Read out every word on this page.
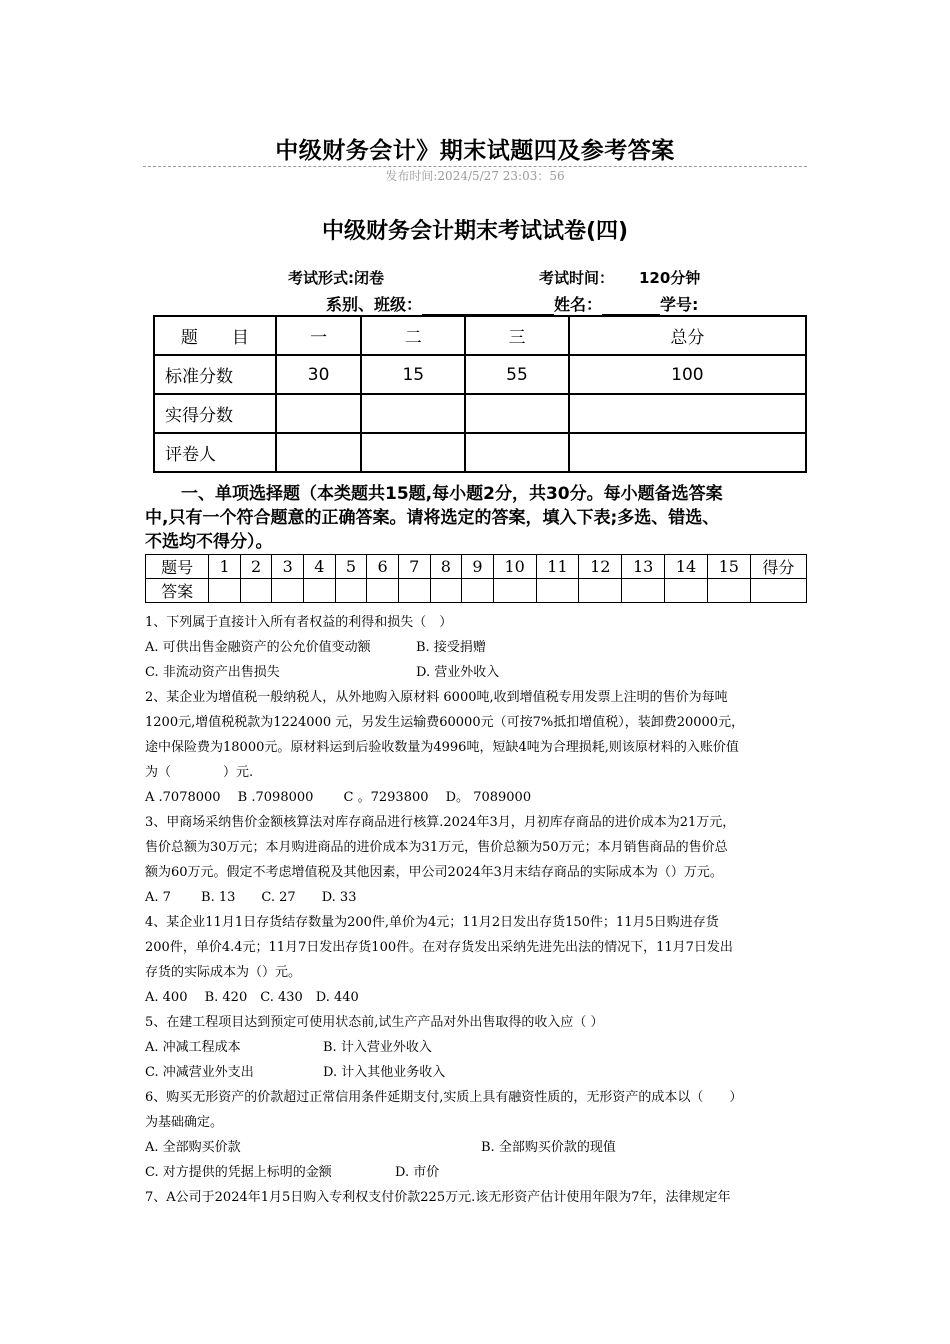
中级财务会计》期末试题四及参考答案
发布时间:2024/5/27 23:03：56
中级财务会计期末考试试卷(四)
考试形式:闭卷	考试时间： 120分钟
系别、班级：	姓名：	学号:
题　　目	一	二	三	总分
标准分数	30	15	55	100
实得分数				
评卷人				
一、单项选择题（本类题共15题,每小题2分，共30分。每小题备选答案
中,只有一个符合题意的正确答案。请将选定的答案，填入下表;多选、错选、
不选均不得分）。
题号	1	2	3	4	5	6	7	8	9	10	11	12	13	14	15	得分
答案																
1、下列属于直接计入所有者权益的利得和损失（　）
A. 可供出售金融资产的公允价值变动额	B. 接受捐赠
C. 非流动资产出售损失	D. 营业外收入
2、某企业为增值税一般纳税人，从外地购入原材料 6000吨,收到增值税专用发票上注明的售价为每吨
1200元,增值税税款为1224000 元，另发生运输费60000元（可按7%抵扣增值税），装卸费20000元，
途中保险费为18000元。原材料运到后验收数量为4996吨，短缺4吨为合理损耗,则该原材料的入账价值
为（　　　　）元.
A .7078000　 B .7098000　　 C 。7293800　 D。 7089000
3、甲商场采纳售价金额核算法对库存商品进行核算.2024年3月，月初库存商品的进价成本为21万元，
售价总额为30万元；本月购进商品的进价成本为31万元，售价总额为50万元；本月销售商品的售价总
额为60万元。假定不考虑增值税及其他因素，甲公司2024年3月末结存商品的实际成本为（）万元。
A. 7　　 B. 13　　C. 27　　D. 33
4、某企业11月1日存货结存数量为200件,单价为4元；11月2日发出存货150件；11月5日购进存货
200件，单价4.4元；11月7日发出存货100件。在对存货发出采纳先进先出法的情况下，11月7日发出
存货的实际成本为（）元。
A. 400　 B. 420　C. 430　D. 440
5、在建工程项目达到预定可使用状态前,试生产产品对外出售取得的收入应（ ）
A. 冲减工程成本	B. 计入营业外收入
C. 冲减营业外支出	D. 计入其他业务收入
6、购买无形资产的价款超过正常信用条件延期支付,实质上具有融资性质的，无形资产的成本以（　　）
为基础确定。
A. 全部购买价款	B. 全部购买价款的现值
C. 对方提供的凭据上标明的金额	D. 市价
7、A公司于2024年1月5日购入专利权支付价款225万元.该无形资产估计使用年限为7年，法律规定年
